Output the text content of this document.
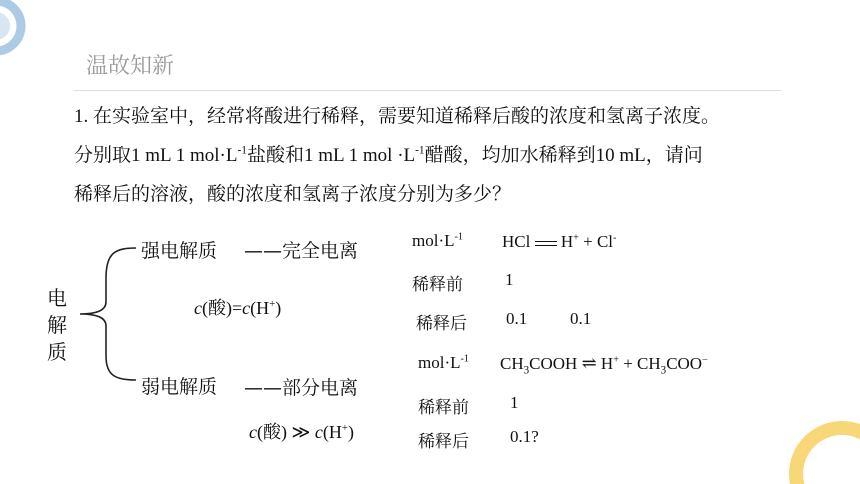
温故知新
1. 在实验室中，经常将酸进行稀释，需要知道稀释后酸的浓度和氢离子浓度。
分别取1 mL 1 $mol\cdot L^{-1}$盐酸和1 mL 1 mol $\cdot L^{-1}$醋酸，均加水稀释到10 mL，请问
稀释后的溶液，酸的浓度和氢离子浓度分别为多少？
电
解
质
强电解质 ——完全电离
c(酸)=c(H+)
$mol\cdot L^{-1}$ HCl  H+ + Cl-
稀释前 1
稀释后 0.1	0.1
弱电解质 ——部分电离
c(酸) ≫ c(H+)
$mol\cdot L^{-1}$ $CH_3COOH$ ⇌ $H^+ + CH_3COO^-$
稀释前 1
稀释后 0.1?
